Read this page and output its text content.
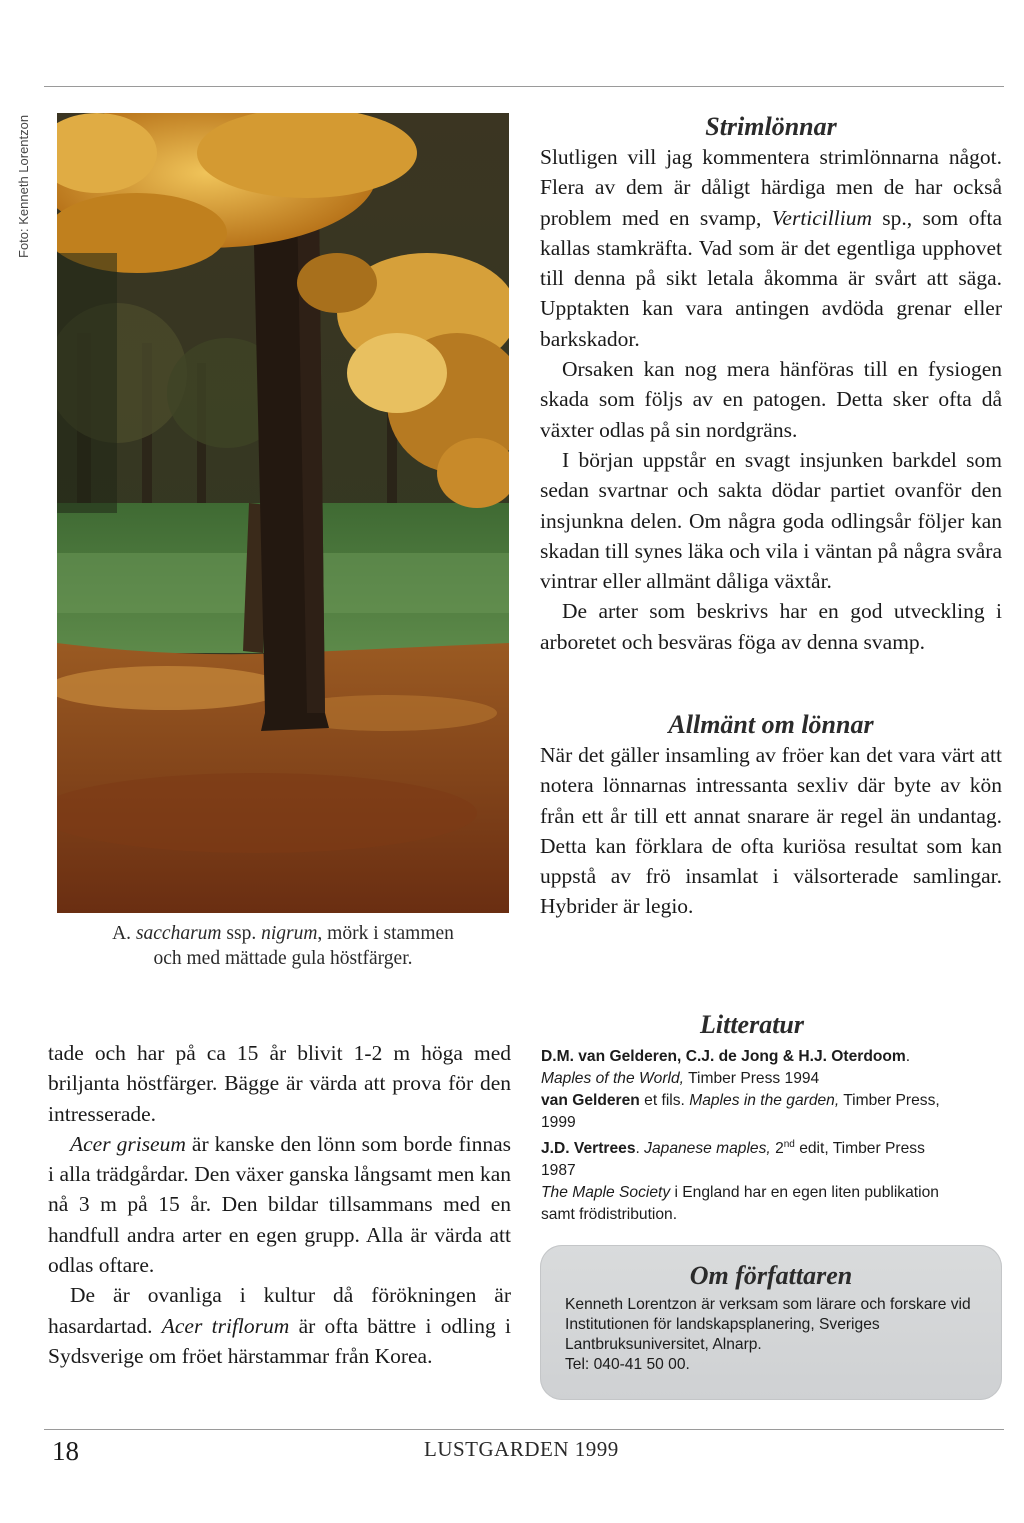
Foto: Kenneth Lorentzon
A. saccharum ssp. nigrum, mörk i stammen
och med mättade gula höstfärger.
Strimlönnar

Slutligen vill jag kommentera strimlönnarna något. Flera av dem är dåligt härdiga men de har också problem med en svamp, Verticillium sp., som ofta kallas stamkräfta. Vad som är det egentliga upphovet till denna på sikt letala åkomma är svårt att säga. Upptakten kan vara antingen avdöda grenar eller barkskador.

Orsaken kan nog mera hänföras till en fysiogen skada som följs av en patogen. Detta sker ofta då växter odlas på sin nordgräns.

I början uppstår en svagt insjunken barkdel som sedan svartnar och sakta dödar partiet ovanför den insjunkna delen. Om några goda odlingsår följer kan skadan till synes läka och vila i väntan på några svåra vintrar eller allmänt dåliga växtår.

De arter som beskrivs har en god utveckling i arboretet och besväras föga av denna svamp.

Allmänt om lönnar

När det gäller insamling av fröer kan det vara värt att notera lönnarnas intressanta sexliv där byte av kön från ett år till ett annat snarare är regel än undantag. Detta kan förklara de ofta kuriösa resultat som kan uppstå av frö insamlat i välsorterade samlingar. Hybrider är legio.

tade och har på ca 15 år blivit 1-2 m höga med briljanta höstfärger. Bägge är värda att prova för den intresserade.

Acer griseum är kanske den lönn som borde finnas i alla trädgårdar. Den växer ganska långsamt men kan nå 3 m på 15 år. Den bildar tillsammans med en handfull andra arter en egen grupp. Alla är värda att odlas oftare.

De är ovanliga i kultur då förökningen är hasardartad. Acer triflorum är ofta bättre i odling i Sydsverige om fröet härstammar från Korea.

Litteratur

D.M. van Gelderen, C.J. de Jong & H.J. Oterdoom. Maples of the World, Timber Press 1994

van Gelderen et fils. Maples in the garden, Timber Press, 1999

J.D. Vertrees. Japanese maples, 2nd edit, Timber Press 1987

The Maple Society i England har en egen liten publikation samt frödistribution.

Om författaren
Kenneth Lorentzon är verksam som lärare och forskare vid Institutionen för landskapsplanering, Sveriges Lantbruksuniversitet, Alnarp.
Tel: 040-41 50 00.
18	LUSTGARDEN 1999
